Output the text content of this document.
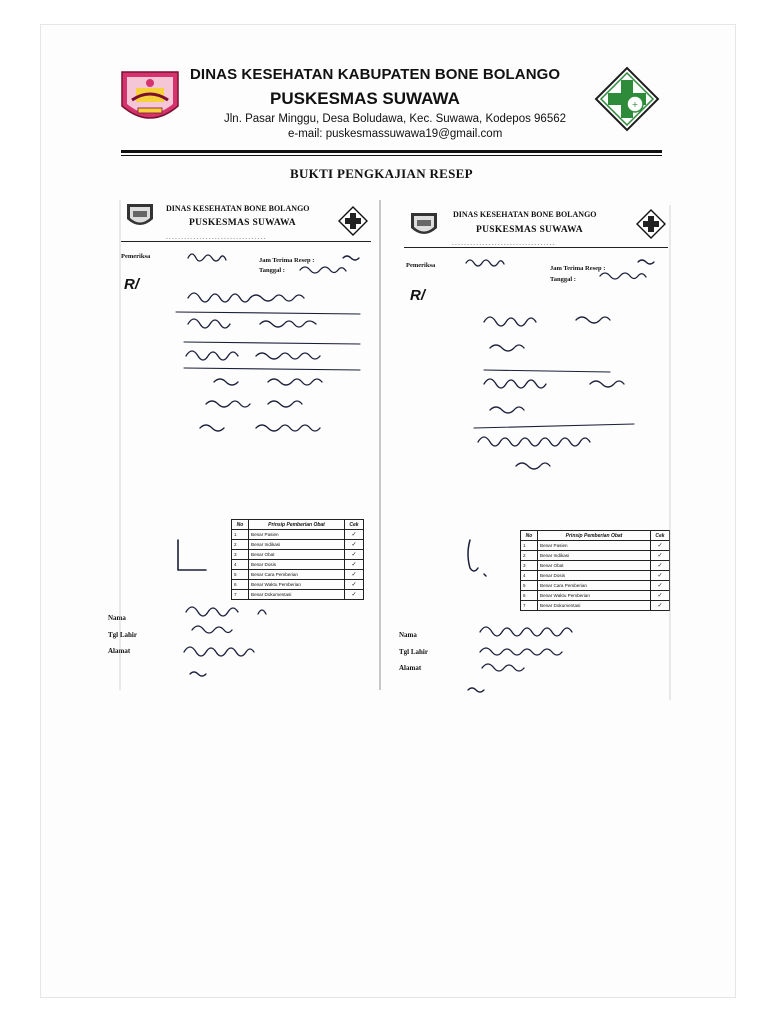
DINAS KESEHATAN KABUPATEN BONE BOLANGO
PUSKESMAS SUWAWA
Jln. Pasar Minggu, Desa Boludawa, Kec. Suwawa, Kodepos 96562
e-mail: puskesmassuwawa19@gmail.com
+
BUKTI PENGKAJIAN RESEP
DINAS KESEHATAN BONE BOLANGO
PUSKESMAS SUWAWA
- - - - - - - - - - - - - - - - - - - - - - - - - - - - - - - - -
Pemeriksa
Jam Terima Resep :
Tanggal :
R/
No	Prinsip Pemberian Obat	Cek
1	Benar Pasien	✓
2	Benar Indikasi	✓
3	Benar Obat	✓
4	Benar Dosis	✓
5	Benar Cara Pemberian	✓
6	Benar Waktu Pemberian	✓
7	Benar Dokumentasi	✓
Nama
Tgl Lahir
Alamat
DINAS KESEHATAN BONE BOLANGO
PUSKESMAS SUWAWA
- - - - - - - - - - - - - - - - - - - - - - - - - - - - - - - - - -
Pemeriksa	Jam Terima Resep :
Tanggal :
R/
No	Prinsip Pemberian Obat	Cek
1	Benar Pasien	✓
2	Benar Indikasi	✓
3	Benar Obat	✓
4	Benar Dosis	✓
5	Benar Cara Pemberian	✓
6	Benar Waktu Pemberian	✓
7	Benar Dokumentasi	✓
Nama
Tgl Lahir
Alamat
